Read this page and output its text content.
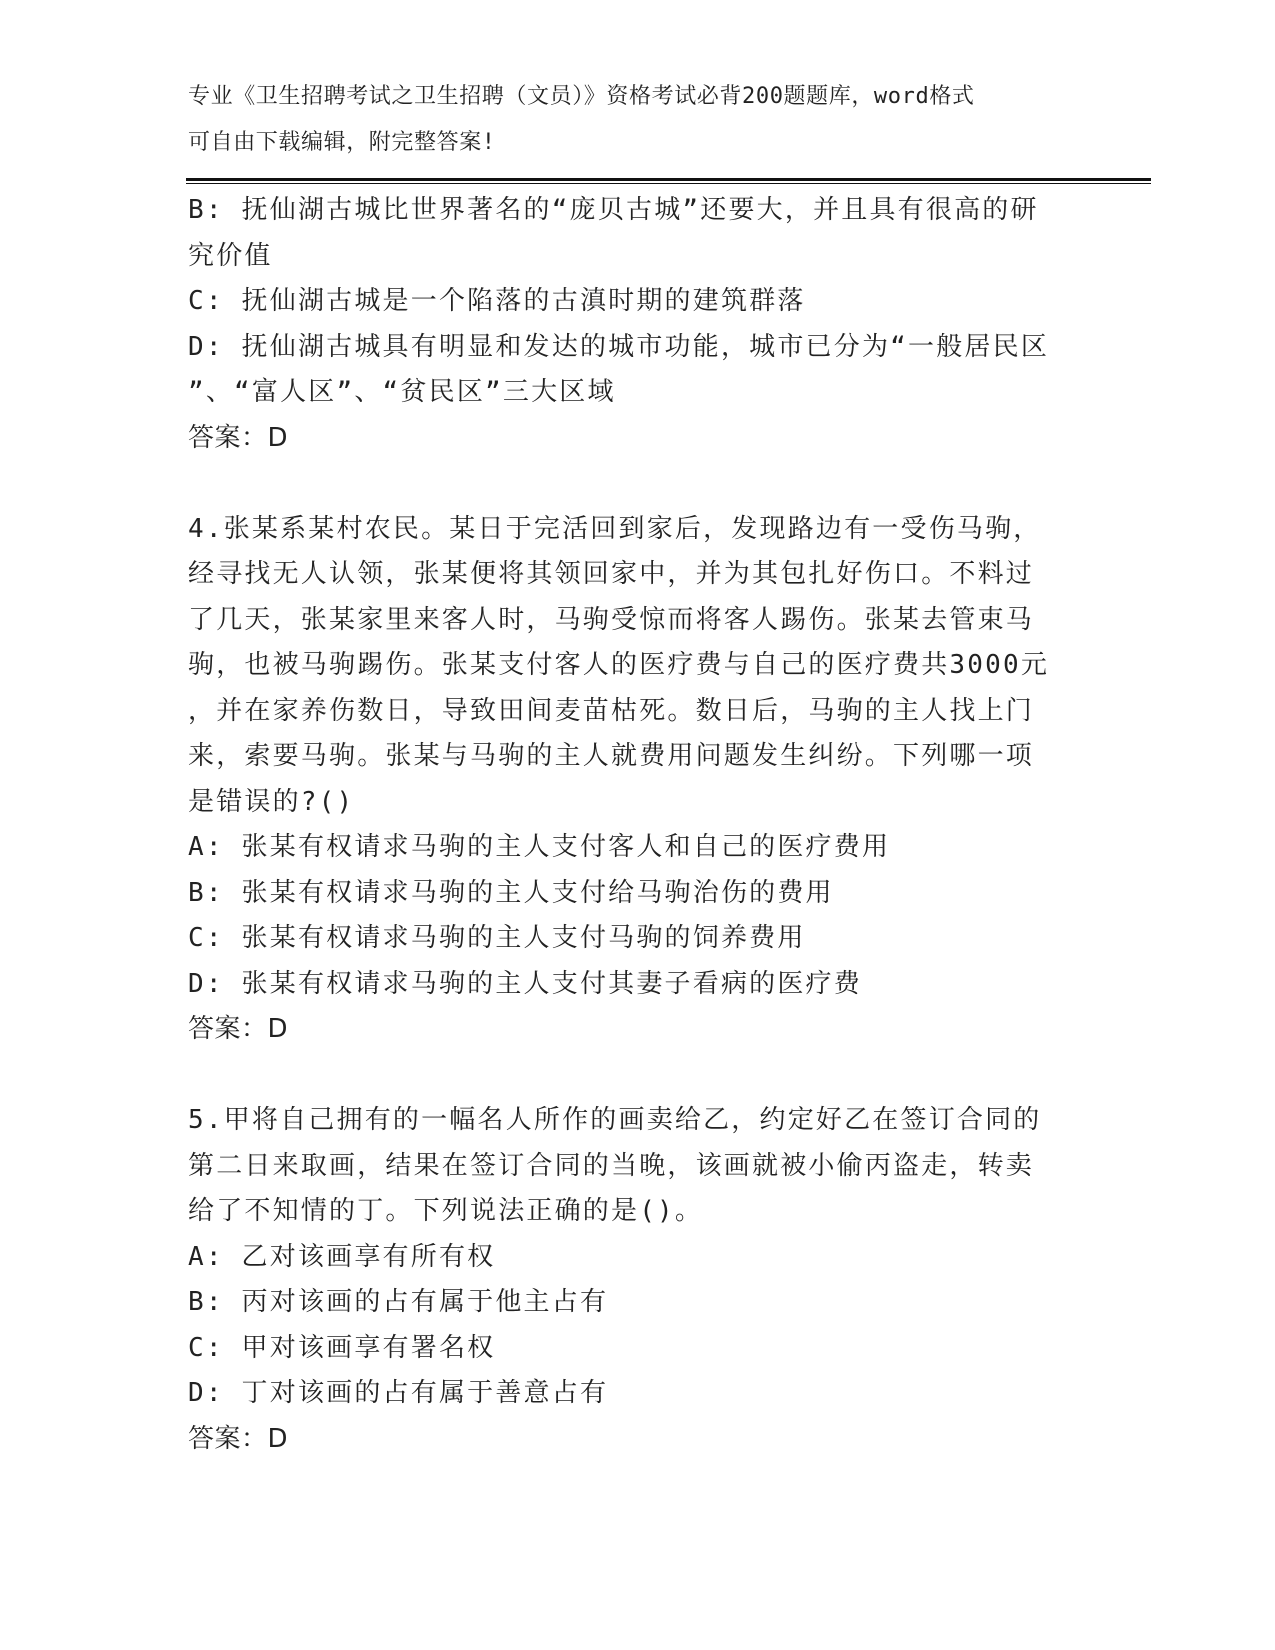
专业《卫生招聘考试之卫生招聘（文员）》资格考试必背200题题库，word格式
可自由下载编辑，附完整答案!
B: 抚仙湖古城比世界著名的“庞贝古城”还要大，并且具有很高的研
究价值
C: 抚仙湖古城是一个陷落的古滇时期的建筑群落
D: 抚仙湖古城具有明显和发达的城市功能，城市已分为“一般居民区
”、“富人区”、“贫民区”三大区域
答案：D
4.张某系某村农民。某日于完活回到家后，发现路边有一受伤马驹，
经寻找无人认领，张某便将其领回家中，并为其包扎好伤口。不料过
了几天，张某家里来客人时，马驹受惊而将客人踢伤。张某去管束马
驹，也被马驹踢伤。张某支付客人的医疗费与自己的医疗费共3000元
，并在家养伤数日，导致田间麦苗枯死。数日后，马驹的主人找上门
来，索要马驹。张某与马驹的主人就费用问题发生纠纷。下列哪一项
是错误的?()
A: 张某有权请求马驹的主人支付客人和自己的医疗费用
B: 张某有权请求马驹的主人支付给马驹治伤的费用
C: 张某有权请求马驹的主人支付马驹的饲养费用
D: 张某有权请求马驹的主人支付其妻子看病的医疗费
答案：D
5.甲将自己拥有的一幅名人所作的画卖给乙，约定好乙在签订合同的
第二日来取画，结果在签订合同的当晚，该画就被小偷丙盗走，转卖
给了不知情的丁。下列说法正确的是()。
A: 乙对该画享有所有权
B: 丙对该画的占有属于他主占有
C: 甲对该画享有署名权
D: 丁对该画的占有属于善意占有
答案：D
